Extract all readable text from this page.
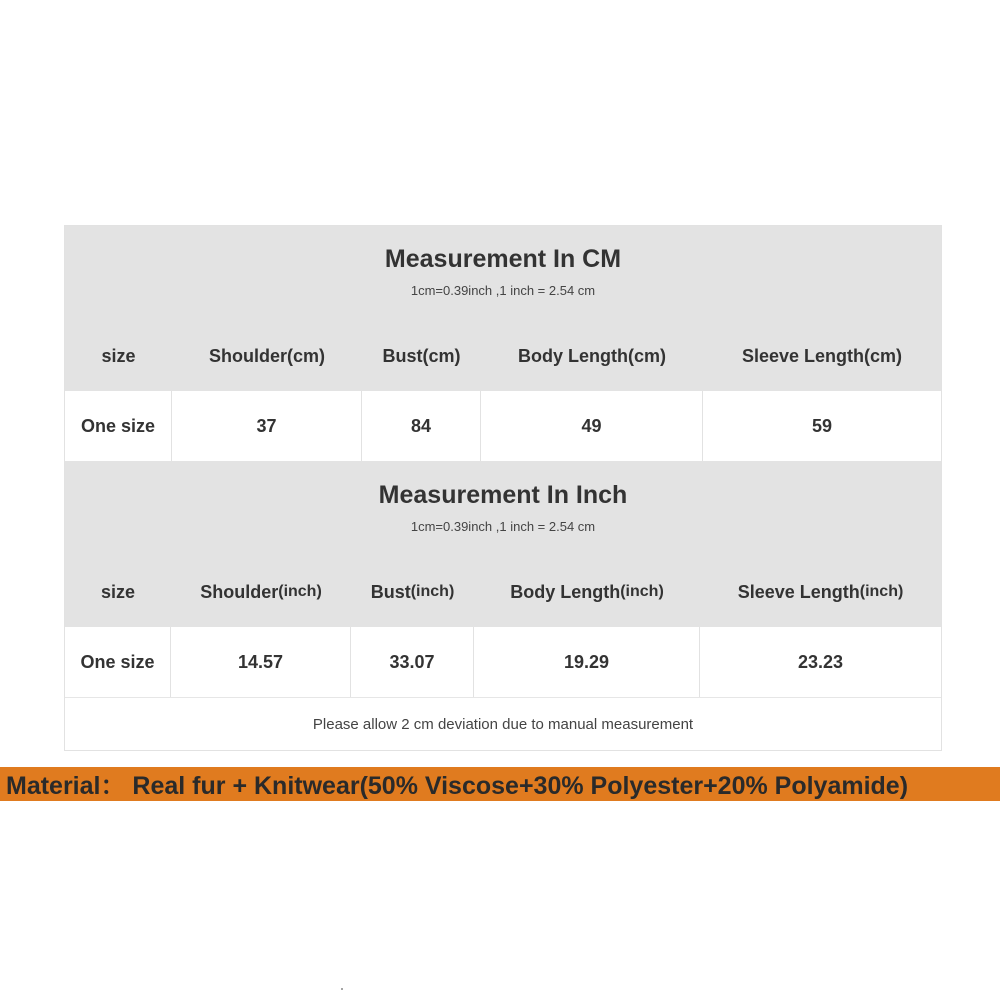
Measurement In CM
1cm=0.39inch ,1 inch = 2.54 cm
size	Shoulder(cm)	Bust(cm)	Body Length(cm)	Sleeve Length(cm)
One size	37	84	49	59
Measurement In Inch
1cm=0.39inch ,1 inch = 2.54 cm
size	Shoulder (inch)	Bust (inch)	Body Length (inch)	Sleeve Length (inch)
One size	14.57	33.07	19.29	23.23
Please allow 2 cm deviation due to manual measurement
Material： Real fur + Knitwear(50% Viscose+30% Polyester+20% Polyamide)
